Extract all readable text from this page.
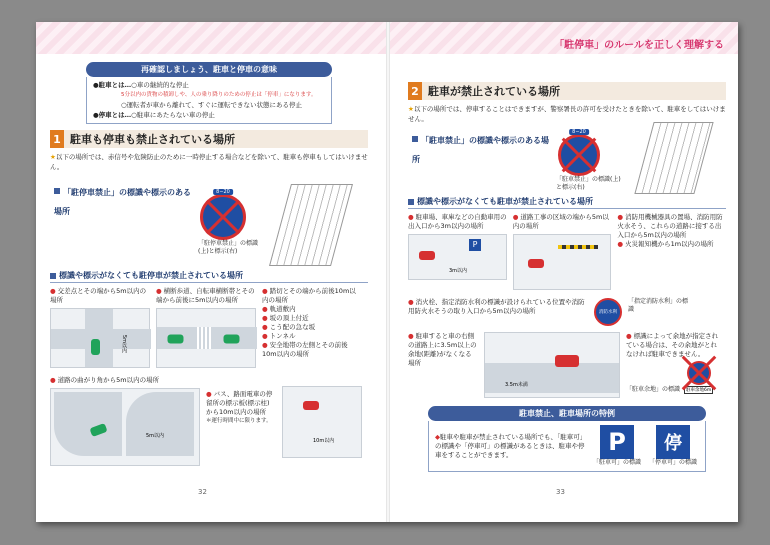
「駐停車」のルールを正しく理解する
再確認しましょう、駐車と停車の意味
●駐車とは…○車の継続的な停止
5分以内の貨物の積卸しや、人の乗り降りのための停止は「停車」になります。
○運転者が車から離れて、すぐに運転できない状態にある停止
●停車とは…○駐車にあたらない車の停止
1 駐車も停車も禁止されている場所
★以下の場所では、赤信号や危険防止のために一時停止する場合などを除いて、駐車も停車もしてはいけません。
「駐停車禁止」の標識や標示のある場所
8−20
「駐停車禁止」の標識(上)と標示(右)
標識や標示がなくても駐停車が禁止されている場所
● 交差点とその端から5m以内の場所
5m以内
● 横断歩道、自転車横断帯とその端から前後に5m以内の場所
● 踏切とその端から前後10m以内の場所
● 軌道敷内
● 坂の頂上付近
● こう配の急な坂
● トンネル
● 安全地帯の左側とその前後10m以内の場所
● 道路の曲がり角から5m以内の場所
5m以内
● バス、路面電車の停留所の標示板(標示柱)から10m以内の場所
＊運行時間中に限ります。
10m以内
32
2 駐車が禁止されている場所
★以下の場所では、停車することはできますが、警察署長の許可を受けたときを除いて、駐車をしてはいけません。
「駐車禁止」の標識や標示のある場所
8−20
「駐車禁止」の標識(上)と標示(右)
標識や標示がなくても駐車が禁止されている場所
● 駐車場、車庫などの自動車用の出入口から3m以内の場所
P
3m以内
● 道路工事の区域の端から5m以内の場所
● 消防用機械器具の置場、消防用防火水そう、これらの道路に接する出入口から5m以内の場所
● 火災報知機から1m以内の場所
● 消火栓、指定消防水利の標識が設けられている位置や消防用防火水そうの取り入口から5m以内の場所	消防水利
「指定消防水利」の標識
● 駐車すると車の右側の道路上に3.5m以上の余地(距離)がなくなる場所
3.5m未満
● 標識によって余地が指定されている場合は、その余地がとれなければ駐車できません。
「駐車余地」の標識	駐車余地6m
駐車禁止、駐車場所の特例
◆駐車や駐車が禁止されている場所でも、「駐車可」の標識や「停車可」の標識があるときは、駐車や停車をすることができます。	P
「駐車可」の標識
停
「停車可」の標識
33
